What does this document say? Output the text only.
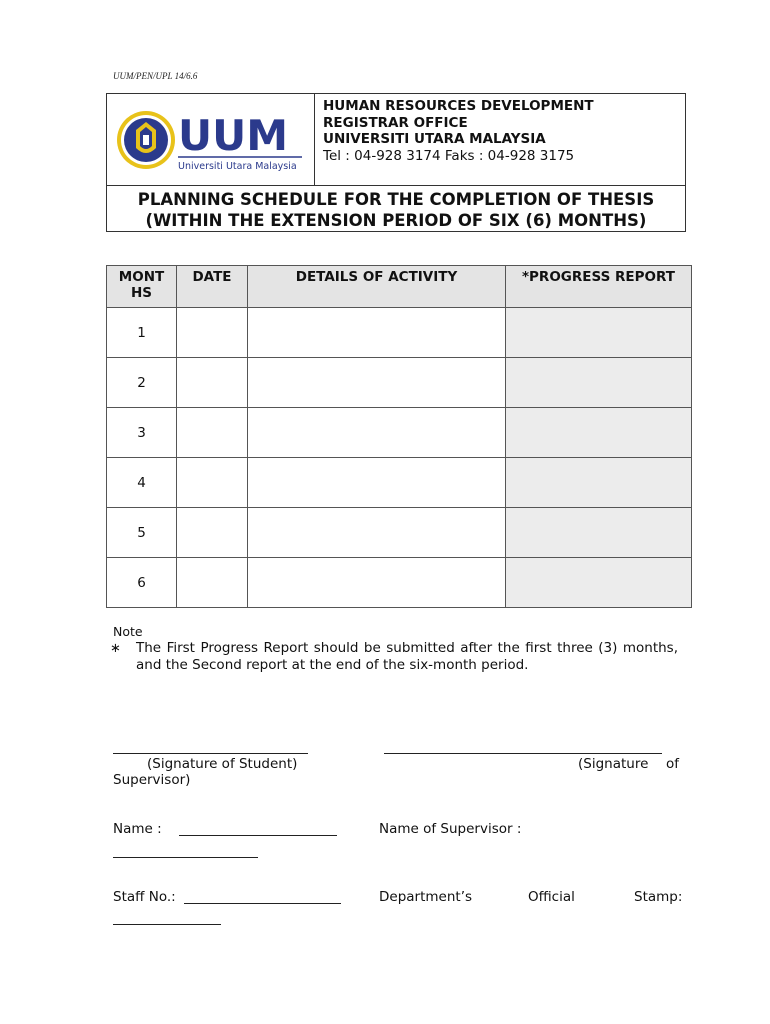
UUM/PEN/UPL 14/6.6
UUM
Universiti Utara Malaysia
HUMAN RESOURCES DEVELOPMENT
REGISTRAR OFFICE
UNIVERSITI UTARA MALAYSIA
Tel : 04-928 3174 Faks : 04-928 3175
PLANNING SCHEDULE FOR THE COMPLETION OF THESIS
(WITHIN THE EXTENSION PERIOD OF SIX (6) MONTHS)
MONT HS	DATE	DETAILS OF ACTIVITY	*PROGRESS REPORT
1			
2			
3			
4			
5			
6			
Note
∗ The First Progress Report should be submitted after the first three (3) months, and the Second report at the end of the six-month period.
(Signature of Student)	(Signature of
Supervisor)
Name :	Name of Supervisor :
Staff No.:	Department’s	Official	Stamp:
